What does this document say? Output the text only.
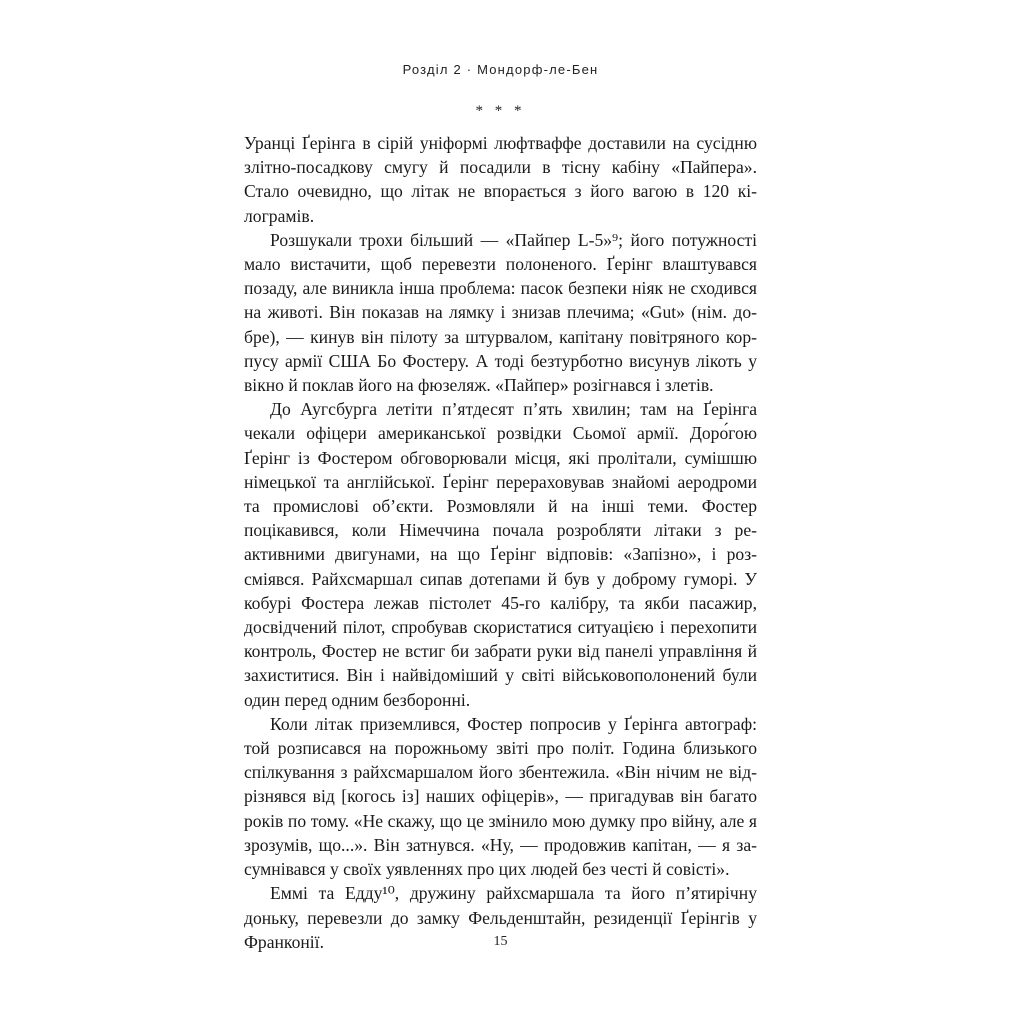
Розділ 2 · Мондорф-ле-Бен
* * *

Уранці Ґерінга в сірій уніформі люфтваффе доставили на сусідню злітно-посадкову смугу й посадили в тісну кабіну «Пайпера». Стало очевидно, що літак не впорається з його вагою в 120 кілограмів.

Розшукали трохи більший — «Пайпер L-5»⁹; його потужності мало вистачити, щоб перевезти полоненого. Ґерінг влаштувався позаду, але виникла інша проблема: пасок безпеки ніяк не сходився на животі. Він показав на лямку і знизав плечима; «Gut» (нім. добре), — кинув він пілоту за штурвалом, капітану повітряного корпусу армії США Бо Фостеру. А тоді безтурботно висунув лікоть у вікно й поклав його на фюзеляж. «Пайпер» розігнався і злетів.

До Аугсбурга летіти п’ятдесят п’ять хвилин; там на Ґерінга чекали офіцери американської розвідки Сьомої армії. Доро́гою Ґерінг із Фостером обговорювали місця, які пролітали, сумішшю німецької та англійської. Ґерінг перераховував знайомі аеродроми та промислові об’єкти. Розмовляли й на інші теми. Фостер поцікавився, коли Німеччина почала розробляти літаки з реактивними двигунами, на що Ґерінг відповів: «Запізно», і розсміявся. Райхсмаршал сипав дотепами й був у доброму гуморі. У кобурі Фостера лежав пістолет 45-го калібру, та якби пасажир, досвідчений пілот, спробував скористатися ситуацією і перехопити контроль, Фостер не встиг би забрати руки від панелі управління й захиститися. Він і найвідоміший у світі військовополонений були один перед одним безборонні.

Коли літак приземлився, Фостер попросив у Ґерінга автограф: той розписався на порожньому звіті про політ. Година близького спілкування з райхсмаршалом його збентежила. «Він нічим не відрізнявся від [когось із] наших офіцерів», — пригадував він багато років по тому. «Не скажу, що це змінило мою думку про війну, але я зрозумів, що...». Він затнувся. «Ну, — продовжив капітан, — я засумнівався у своїх уявленнях про цих людей без честі й совісті».

Еммі та Едду¹⁰, дружину райхсмаршала та його п’ятирічну доньку, перевезли до замку Фельденштайн, резиденції Ґерінгів у Франконії.	15
